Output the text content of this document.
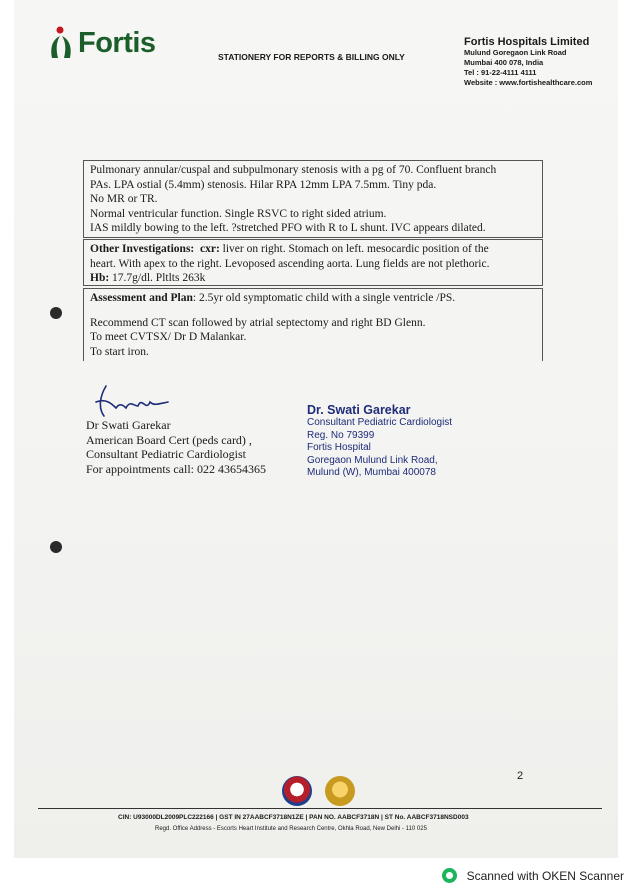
Fortis	STATIONERY FOR REPORTS & BILLING ONLY
Fortis Hospitals Limited
Mulund Goregaon Link Road
Mumbai 400 078, India
Tel : 91-22-4111 4111
Website : www.fortishealthcare.com
Pulmonary annular/cuspal and subpulmonary stenosis with a pg of 70. Confluent branch
PAs. LPA ostial (5.4mm) stenosis. Hilar RPA 12mm LPA 7.5mm. Tiny pda.
No MR or TR.
Normal ventricular function. Single RSVC to right sided atrium.
IAS mildly bowing to the left. ?stretched PFO with R to L shunt. IVC appears dilated.
Other Investigations: cxr: liver on right. Stomach on left. mesocardic position of the
heart. With apex to the right. Levoposed ascending aorta. Lung fields are not plethoric.
Hb: 17.7g/dl. Pltlts 263k
Assessment and Plan: 2.5yr old symptomatic child with a single ventricle /PS.
Recommend CT scan followed by atrial septectomy and right BD Glenn.
To meet CVTSX/ Dr D Malankar.
To start iron.
Dr Swati Garekar
American Board Cert (peds card) ,
Consultant Pediatric Cardiologist
For appointments call: 022 43654365
Dr. Swati Garekar
Consultant Pediatric Cardiologist
Reg. No 79399
Fortis Hospital
Goregaon Mulund Link Road,
Mulund (W), Mumbai 400078
2
CIN: U93000DL2009PLC222166 | GST IN 27AABCF3718N1ZE | PAN NO. AABCF3718N | ST No. AABCF3718NSD003
Regd. Office Address - Escorts Heart Institute and Research Centre, Okhla Road, New Delhi - 110 025
Scanned with OKEN Scanner
